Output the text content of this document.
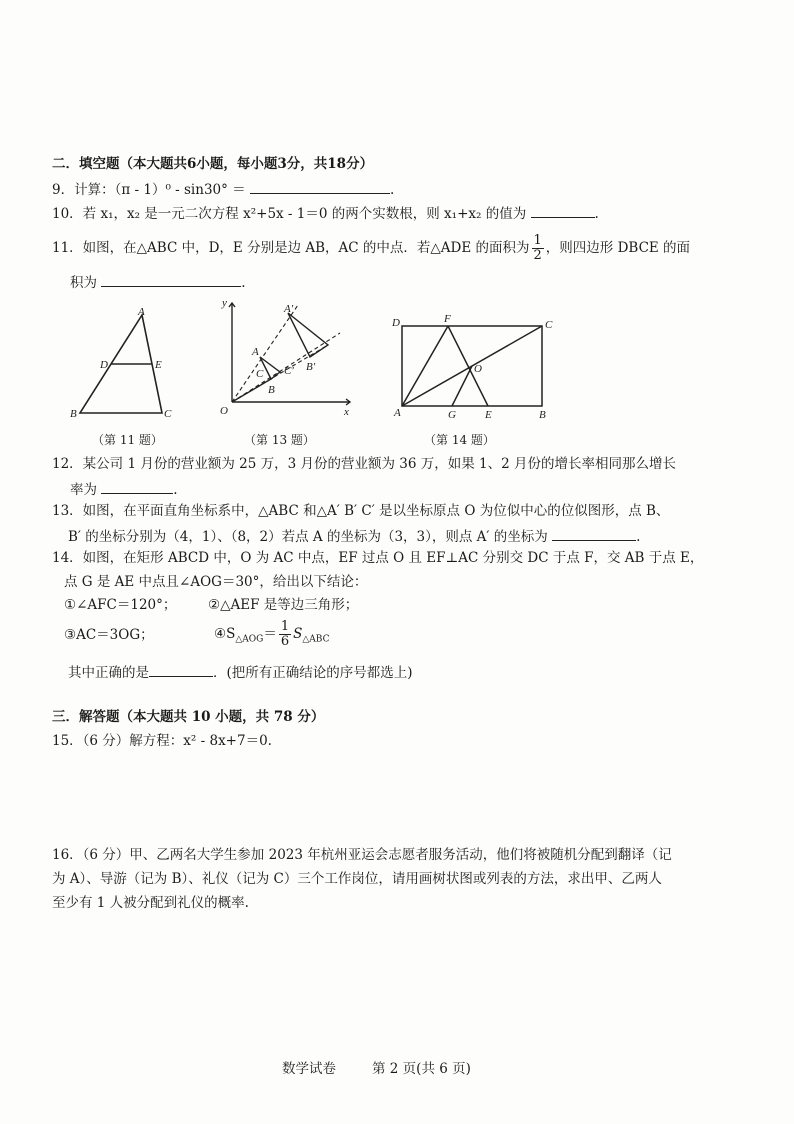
二．填空题（本大题共6小题，每小题3分，共18分）
9．计算：（π - 1）⁰ - sin30° ＝	.
10．若 x₁，x₂ 是一元二次方程 x²+5x - 1＝0 的两个实数根，则 x₁+x₂ 的值为	.
11．如图，在△ABC 中，D，E 分别是边 AB，AC 的中点．若△ADE 的面积为 $\frac{1}{2}$ ，则四边形 DBCE 的面
积为	.
A
D	E
B	C
（第 11 题）
y
x
O
A
B
C
A'
B'
C'
（第 13 题）
D	F	C
O
A	G	E	B
（第 14 题）
12．某公司 1 月份的营业额为 25 万，3 月份的营业额为 36 万，如果 1、2 月份的增长率相同那么增长
率为	.
13．如图，在平面直角坐标系中，△ABC 和△A′ B′ C′ 是以坐标原点 O 为位似中心的位似图形，点 B、
B′ 的坐标分别为（4，1）、（8，2）若点 A 的坐标为（3，3），则点 A′ 的坐标为	.
14．如图，在矩形 ABCD 中，O 为 AC 中点，EF 过点 O 且 EF⊥AC 分别交 DC 于点 F，交 AB 于点 E，
点 G 是 AE 中点且∠AOG＝30°，给出以下结论：
①∠AFC＝120°； ②△AEF 是等边三角形；
③AC＝3OG；	$④S_{\triangle AOG}= \frac{1}{6} S_{\triangle ABC}$
其中正确的是	．(把所有正确结论的序号都选上)
三．解答题（本大题共 10 小题，共 78 分）
15．（6 分）解方程：x² - 8x+7＝0.
16．（6 分）甲、乙两名大学生参加 2023 年杭州亚运会志愿者服务活动，他们将被随机分配到翻译（记
为 A）、导游（记为 B）、礼仪（记为 C）三个工作岗位，请用画树状图或列表的方法，求出甲、乙两人
至少有 1 人被分配到礼仪的概率.
数学试卷	第 2 页(共 6 页)
